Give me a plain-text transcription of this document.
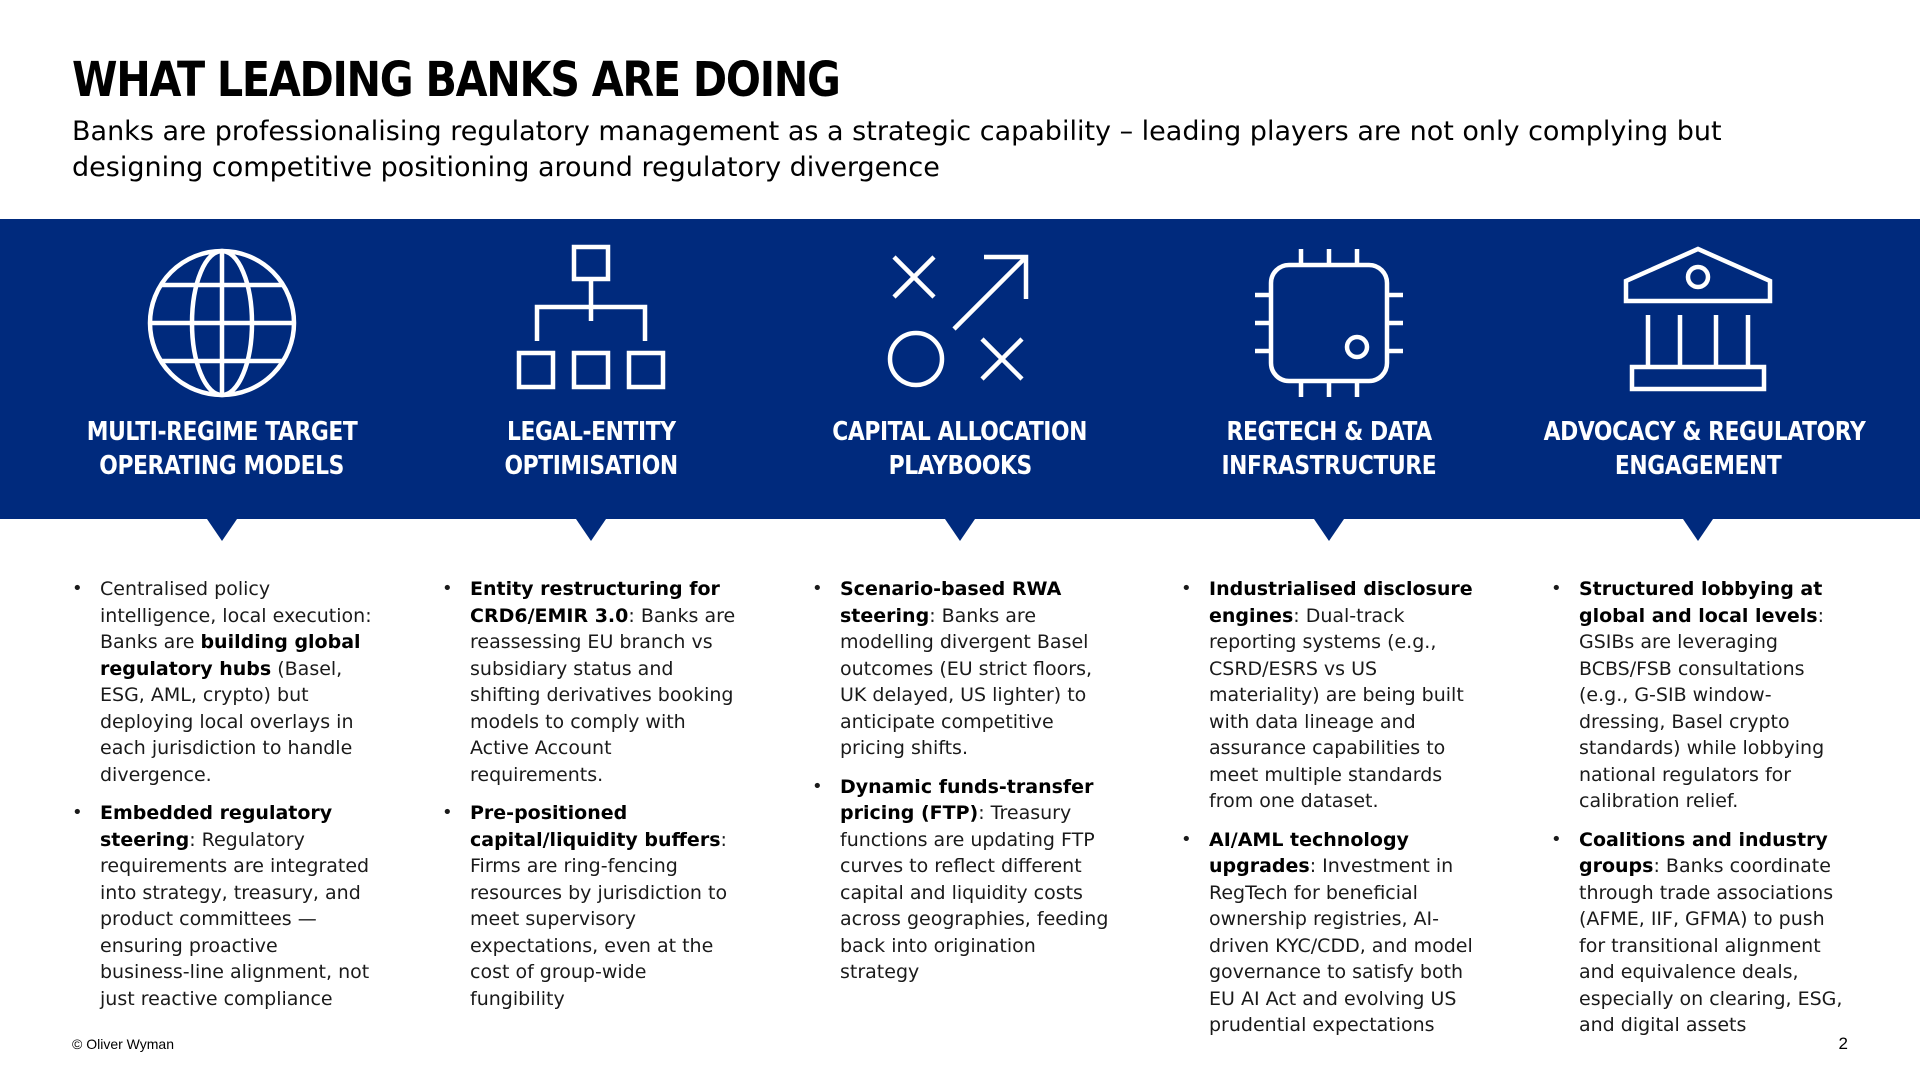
WHAT LEADING BANKS ARE DOING
Banks are professionalising regulatory management as a strategic capability – leading players are not only complying but designing competitive positioning around regulatory divergence
MULTI-REGIME TARGET
OPERATING MODELS
LEGAL-ENTITY
OPTIMISATION
CAPITAL ALLOCATION
PLAYBOOKS
REGTECH & DATA
INFRASTRUCTURE
ADVOCACY & REGULATORY
ENGAGEMENT
• Centralised policy intelligence, local execution: Banks are building global regulatory hubs (Basel, ESG, AML, crypto) but deploying local overlays in each jurisdiction to handle divergence.
• Embedded regulatory steering: Regulatory requirements are integrated into strategy, treasury, and product committees — ensuring proactive business-line alignment, not just reactive compliance
• Entity restructuring for CRD6/EMIR 3.0: Banks are reassessing EU branch vs subsidiary status and shifting derivatives booking models to comply with Active Account requirements.
• Pre-positioned capital/liquidity buffers: Firms are ring-fencing resources by jurisdiction to meet supervisory expectations, even at the cost of group-wide fungibility
• Scenario-based RWA steering: Banks are modelling divergent Basel outcomes (EU strict floors, UK delayed, US lighter) to anticipate competitive pricing shifts.
• Dynamic funds-transfer pricing (FTP): Treasury functions are updating FTP curves to reflect different capital and liquidity costs across geographies, feeding back into origination strategy
• Industrialised disclosure engines: Dual-track reporting systems (e.g., CSRD/ESRS vs US materiality) are being built with data lineage and assurance capabilities to meet multiple standards from one dataset.
• AI/AML technology upgrades: Investment in RegTech for beneficial ownership registries, AI-driven KYC/CDD, and model governance to satisfy both EU AI Act and evolving US prudential expectations
• Structured lobbying at global and local levels: GSIBs are leveraging BCBS/FSB consultations (e.g., G-SIB window-dressing, Basel crypto standards) while lobbying national regulators for calibration relief.
• Coalitions and industry groups: Banks coordinate through trade associations (AFME, IIF, GFMA) to push for transitional alignment and equivalence deals, especially on clearing, ESG, and digital assets
© Oliver Wyman	2
